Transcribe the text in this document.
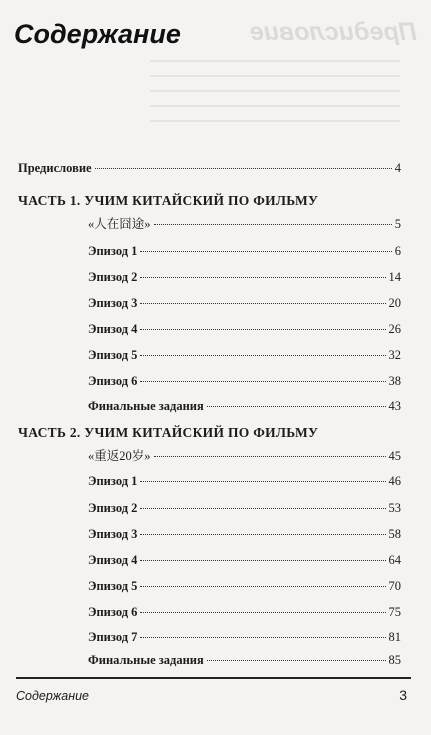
Предисловие
Содержание
Предисловие	4
ЧАСТЬ 1. УЧИМ КИТАЙСКИЙ ПО ФИЛЬМУ
«人在囧途»	5
Эпизод 1	6
Эпизод 2	14
Эпизод 3	20
Эпизод 4	26
Эпизод 5	32
Эпизод 6	38
Финальные задания	43
ЧАСТЬ 2. УЧИМ КИТАЙСКИЙ ПО ФИЛЬМУ
«重返20岁»	45
Эпизод 1	46
Эпизод 2	53
Эпизод 3	58
Эпизод 4	64
Эпизод 5	70
Эпизод 6	75
Эпизод 7	81
Финальные задания	85
Содержание	3
